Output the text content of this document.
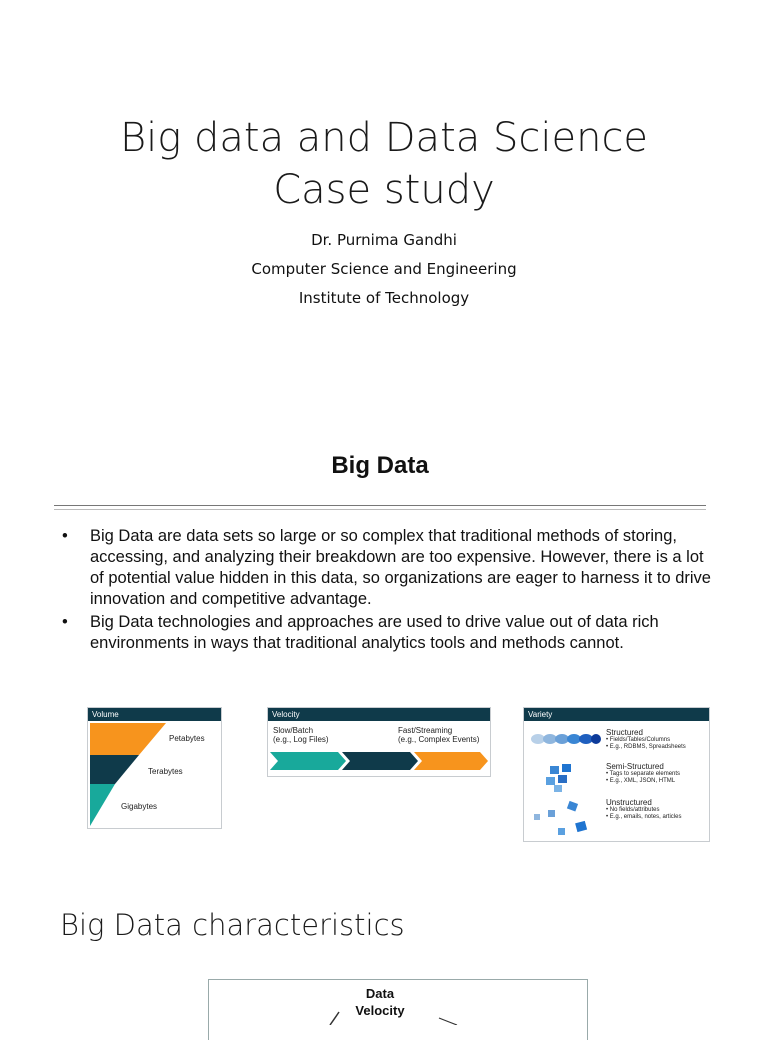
Big data and Data Science
Case study
Dr. Purnima Gandhi
Computer Science and Engineering
Institute of Technology
Big Data
• Big Data are data sets so large or so complex that traditional methods of storing, accessing, and analyzing their breakdown are too expensive. However, there is a lot of potential value hidden in this data, so organizations are eager to harness it to drive innovation and competitive advantage.
• Big Data technologies and approaches are used to drive value out of data rich environments in ways that traditional analytics tools and methods cannot.
Volume
Petabytes
Terabytes
Gigabytes
Velocity
Slow/Batch
(e.g., Log Files)
Fast/Streaming
(e.g., Complex Events)
Variety
Structured
• Fields/Tables/Columns
• E.g., RDBMS, Spreadsheets
Semi-Structured
• Tags to separate elements
• E.g., XML, JSON, HTML
Unstructured
• No fields/attributes
• E.g., emails, notes, articles
Big Data characteristics
Data
Velocity
